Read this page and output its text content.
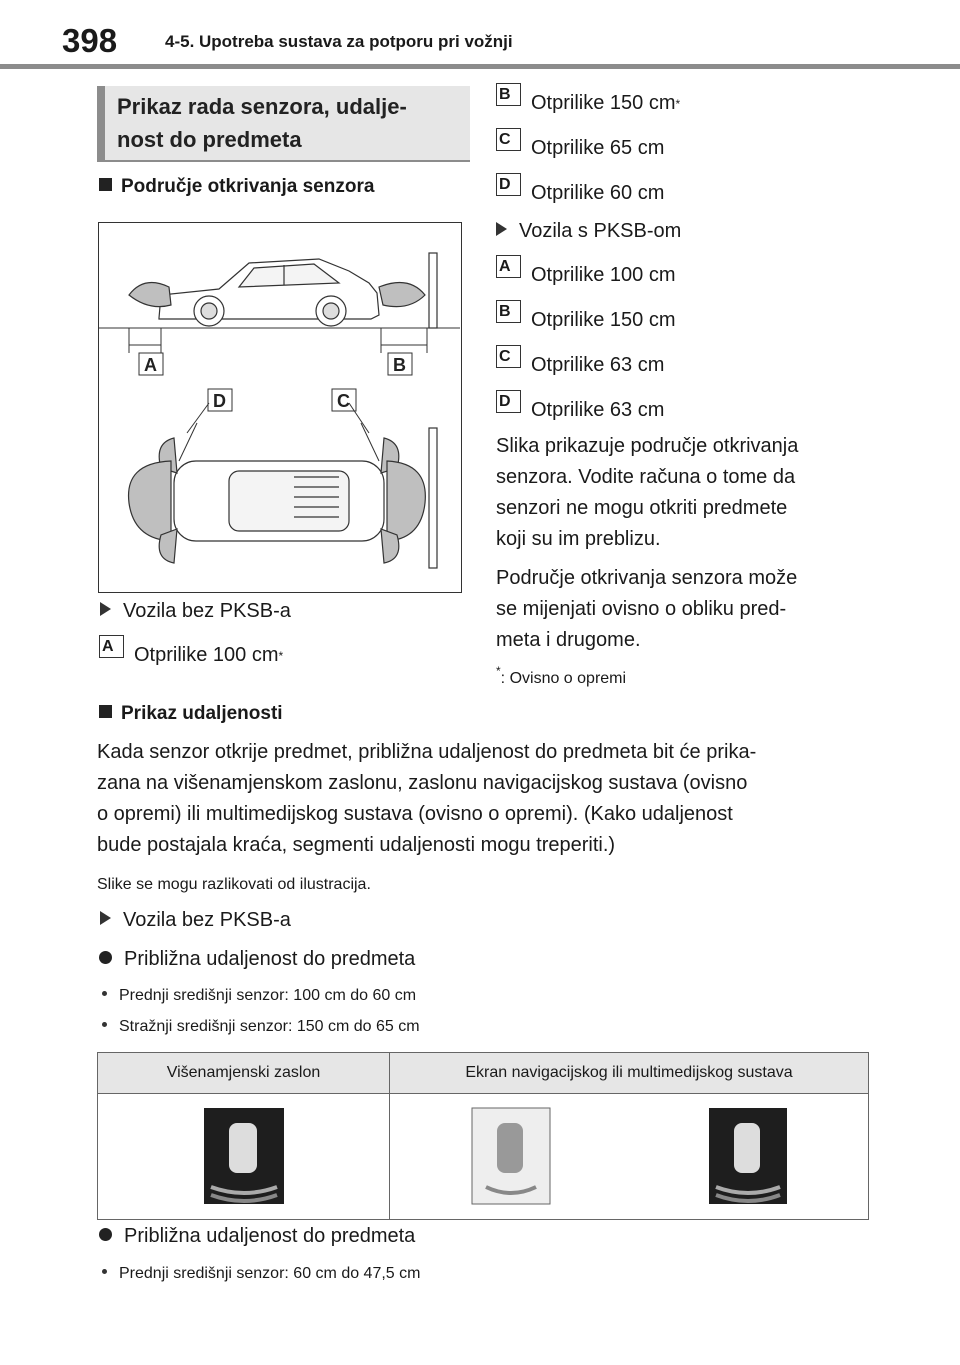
398	4-5. Upotreba sustava za potporu pri vožnji
Prikaz rada senzora, udalje-
nost do predmeta
Područje otkrivanja senzora
A	B
D	C
Vozila bez PKSB-a
A	Otprilike 100 cm *
B	Otprilike 150 cm *
C	Otprilike 65 cm
D	Otprilike 60 cm
Vozila s PKSB-om
A	Otprilike 100 cm
B	Otprilike 150 cm
C	Otprilike 63 cm
D	Otprilike 63 cm
Slika prikazuje područje otkrivanja
senzora. Vodite računa o tome da
senzori ne mogu otkriti predmete
koji su im preblizu.
Područje otkrivanja senzora može
se mijenjati ovisno o obliku pred-
meta i drugome.
*: Ovisno o opremi
Prikaz udaljenosti
Kada senzor otkrije predmet, približna udaljenost do predmeta bit će prika-
zana na višenamjenskom zaslonu, zaslonu navigacijskog sustava (ovisno
o opremi) ili multimedijskog sustava (ovisno o opremi). (Kako udaljenost
bude postajala kraća, segmenti udaljenosti mogu treperiti.)
Slike se mogu razlikovati od ilustracija.
Vozila bez PKSB-a
Približna udaljenost do predmeta
Prednji središnji senzor: 100 cm do 60 cm
Stražnji središnji senzor: 150 cm do 65 cm
Višenamjenski zaslon	Ekran navigacijskog ili multimedijskog sustava

Približna udaljenost do predmeta
Prednji središnji senzor: 60 cm do 47,5 cm
